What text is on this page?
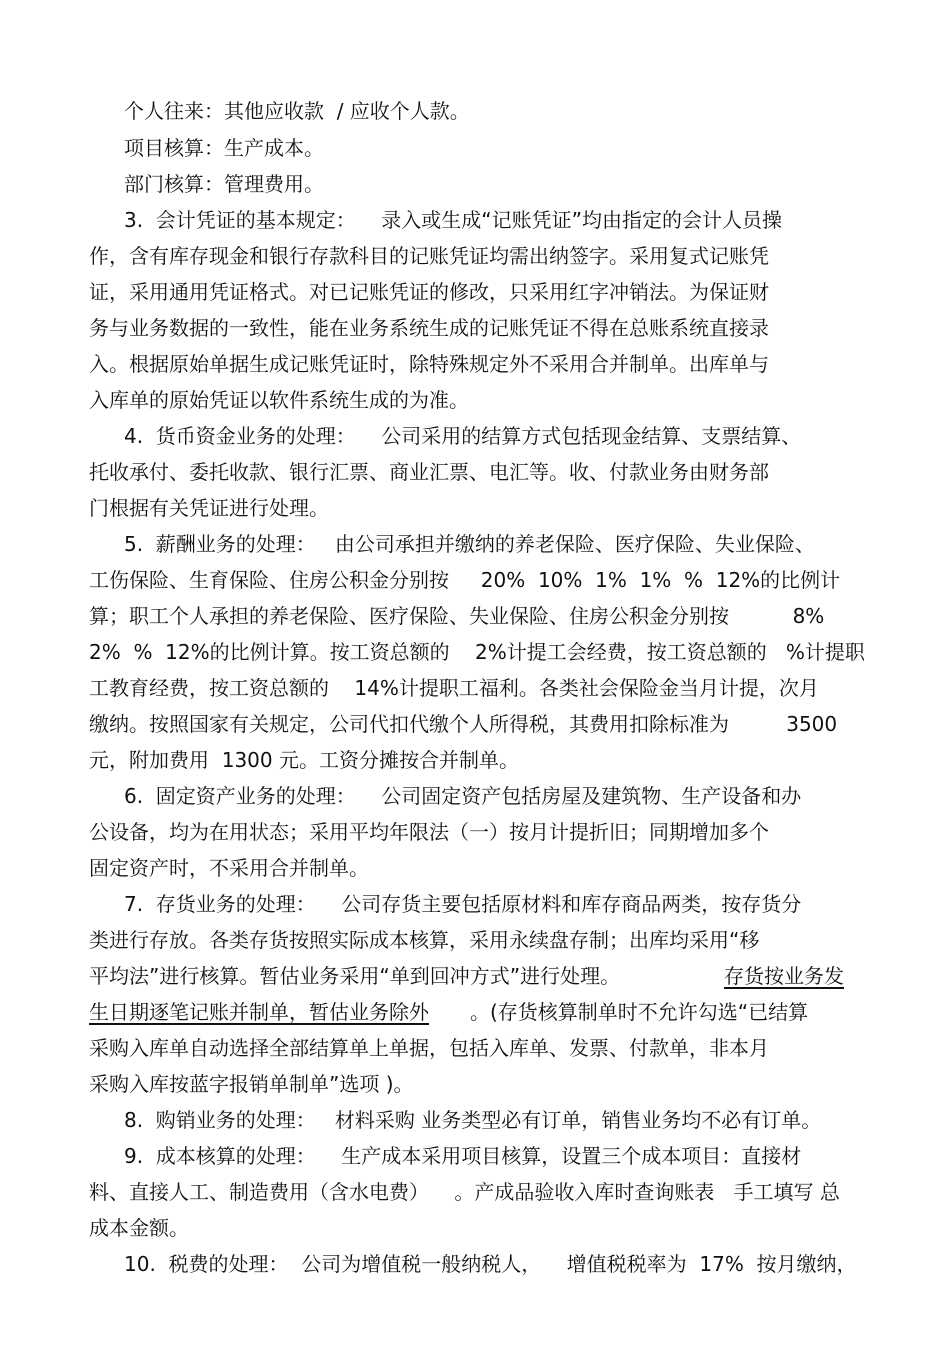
个人往来：其他应收款  / 应收个人款。
项目核算：生产成本。
部门核算：管理费用。
3.  会计凭证的基本规定：    录入或生成“记账凭证”均由指定的会计人员操
作，含有库存现金和银行存款科目的记账凭证均需出纳签字。采用复式记账凭
证，采用通用凭证格式。对已记账凭证的修改，只采用红字冲销法。为保证财
务与业务数据的一致性，能在业务系统生成的记账凭证不得在总账系统直接录
入。根据原始单据生成记账凭证时，除特殊规定外不采用合并制单。出库单与
入库单的原始凭证以软件系统生成的为准。
4.  货币资金业务的处理：    公司采用的结算方式包括现金结算、支票结算、
托收承付、委托收款、银行汇票、商业汇票、电汇等。收、付款业务由财务部
门根据有关凭证进行处理。
5.  薪酬业务的处理：   由公司承担并缴纳的养老保险、医疗保险、失业保险、
工伤保险、生育保险、住房公积金分别按     20%  10%  1%  1%  %  12%的比例计
算；职工个人承担的养老保险、医疗保险、失业保险、住房公积金分别按          8%
2%  %  12%的比例计算。按工资总额的    2%计提工会经费，按工资总额的   %计提职
工教育经费，按工资总额的    14%计提职工福利。各类社会保险金当月计提，次月
缴纳。按照国家有关规定，公司代扣代缴个人所得税，其费用扣除标准为         3500
元，附加费用  1300 元。工资分摊按合并制单。
6.  固定资产业务的处理：    公司固定资产包括房屋及建筑物、生产设备和办
公设备，均为在用状态；采用平均年限法（一）按月计提折旧；同期增加多个
固定资产时，不采用合并制单。
7.  存货业务的处理：    公司存货主要包括原材料和库存商品两类，按存货分
类进行存放。各类存货按照实际成本核算，采用永续盘存制；出库均采用“移
平均法”进行核算。暂估业务采用“单到回冲方式”进行处理。	存货按业务发
生日期逐笔记账并制单，暂估业务除外 。(存货核算制单时不允许勾选“已结算
采购入库单自动选择全部结算单上单据，包括入库单、发票、付款单，非本月
采购入库按蓝字报销单制单”选项 )。
8.  购销业务的处理：   材料采购 业务类型必有订单，销售业务均不必有订单。
9.  成本核算的处理：    生产成本采用项目核算，设置三个成本项目：直接材
料、直接人工、制造费用（含水电费）    。产成品验收入库时查询账表   手工填写 总
成本金额。
10.  税费的处理：  公司为增值税一般纳税人，    增值税税率为  17%  按月缴纳，
